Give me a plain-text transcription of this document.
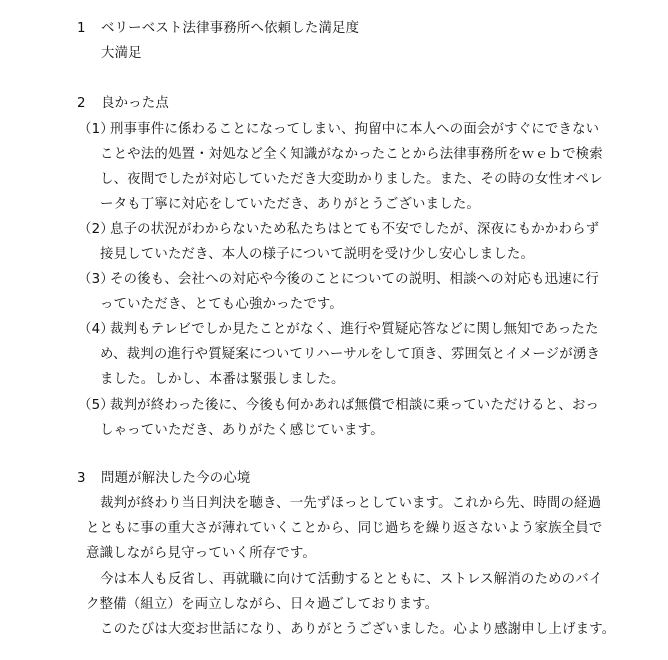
1 ベリーベスト法律事務所へ依頼した満足度
大満足
2 良かった点
（1）
刑事事件に係わることになってしまい、拘留中に本人への面会がすぐにできない
ことや法的処置・対処など全く知識がなかったことから法律事務所をｗｅｂで検索
し、夜間でしたが対応していただき大変助かりました。また、その時の女性オペレ
ータも丁寧に対応をしていただき、ありがとうございました。
（2）
息子の状況がわからないため私たちはとても不安でしたが、深夜にもかかわらず
接見していただき、本人の様子について説明を受け少し安心しました。
（3）
その後も、会社への対応や今後のことについての説明、相談への対応も迅速に行
っていただき、とても心強かったです。
（4）
裁判もテレビでしか見たことがなく、進行や質疑応答などに関し無知であったた
め、裁判の進行や質疑案についてリハーサルをして頂き、雰囲気とイメージが湧き
ました。しかし、本番は緊張しました。
（5）
裁判が終わった後に、今後も何かあれば無償で相談に乗っていただけると、おっ
しゃっていただき、ありがたく感じています。
3 問題が解決した今の心境
裁判が終わり当日判決を聴き、一先ずほっとしています。これから先、時間の経過
とともに事の重大さが薄れていくことから、同じ過ちを繰り返さないよう家族全員で
意識しながら見守っていく所存です。
今は本人も反省し、再就職に向けて活動するとともに、ストレス解消のためのバイ
ク整備（組立）を両立しながら、日々過ごしております。
このたびは大変お世話になり、ありがとうございました。心より感謝申し上げます。
